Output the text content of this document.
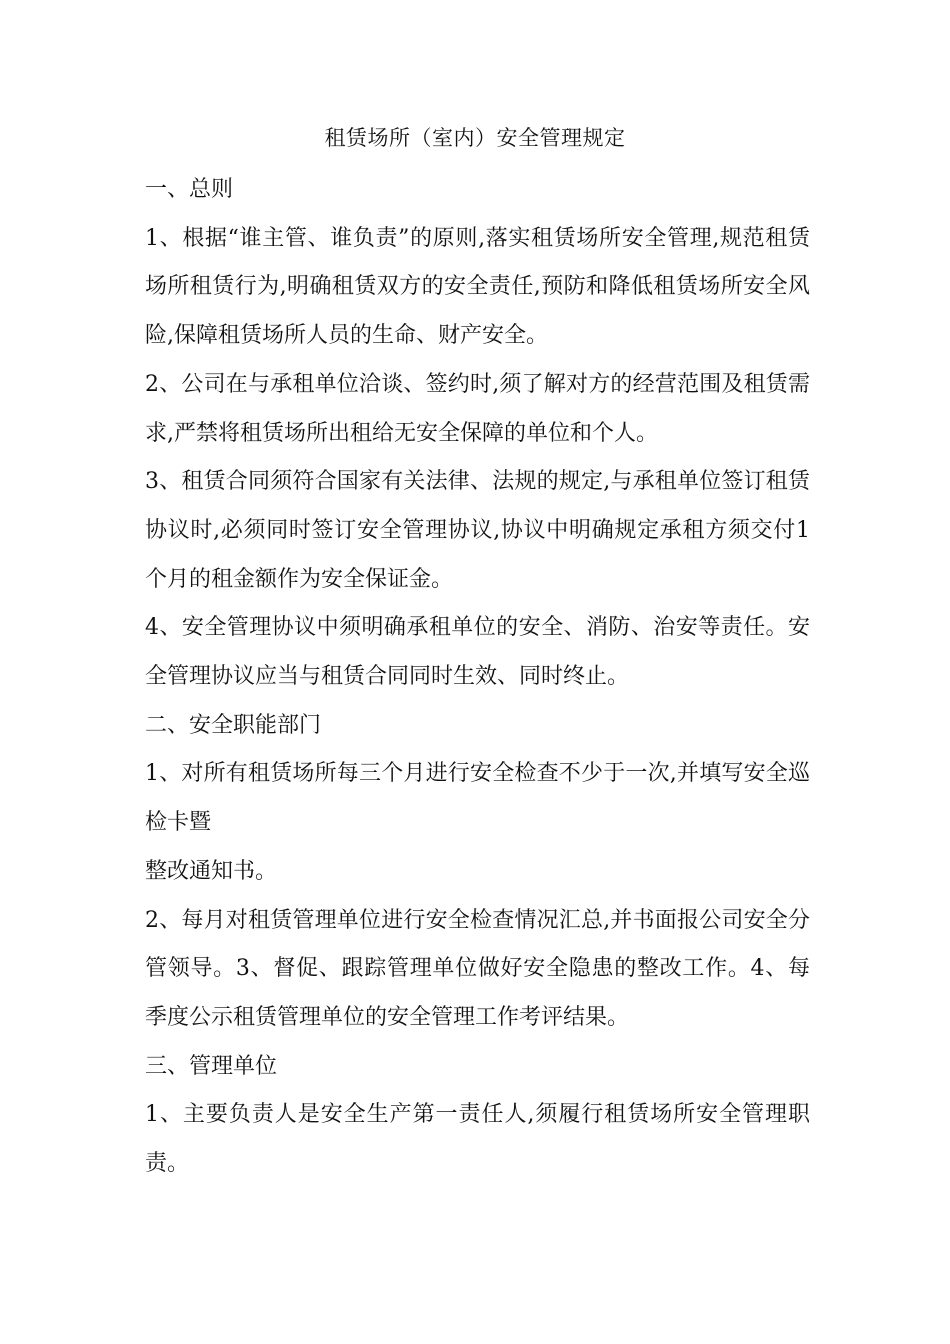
租赁场所（室内）安全管理规定

一、总则

1、根据“谁主管、谁负责”的原则,落实租赁场所安全管理,规范租赁场所租赁行为,明确租赁双方的安全责任,预防和降低租赁场所安全风险,保障租赁场所人员的生命、财产安全。

2、公司在与承租单位洽谈、签约时,须了解对方的经营范围及租赁需求,严禁将租赁场所出租给无安全保障的单位和个人。

3、租赁合同须符合国家有关法律、法规的规定,与承租单位签订租赁协议时,必须同时签订安全管理协议,协议中明确规定承租方须交付1个月的租金额作为安全保证金。

4、安全管理协议中须明确承租单位的安全、消防、治安等责任。安全管理协议应当与租赁合同同时生效、同时终止。

二、安全职能部门

1、对所有租赁场所每三个月进行安全检查不少于一次,并填写安全巡检卡暨

整改通知书。

2、每月对租赁管理单位进行安全检查情况汇总,并书面报公司安全分管领导。3、督促、跟踪管理单位做好安全隐患的整改工作。4、每季度公示租赁管理单位的安全管理工作考评结果。

三、管理单位

1、主要负责人是安全生产第一责任人,须履行租赁场所安全管理职责。
